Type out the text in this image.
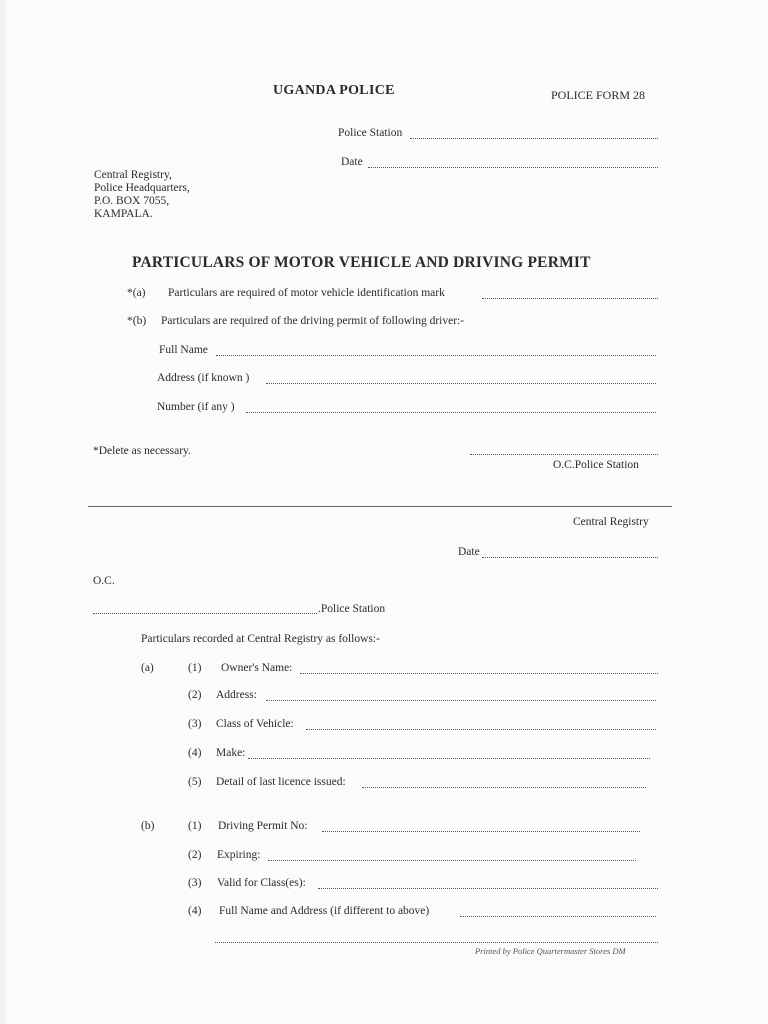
UGANDA POLICE	POLICE FORM 28
Police Station
Date
Central Registry,
Police Headquarters,
P.O. BOX 7055,
KAMPALA.
PARTICULARS OF MOTOR VEHICLE AND DRIVING PERMIT
*(a) Particulars are required of motor vehicle identification mark
*(b) Particulars are required of the driving permit of following driver:-
Full Name
Address (if known )
Number (if any )
*Delete as necessary.
O.C.Police Station
Central Registry
Date
O.C.
.Police Station
Particulars recorded at Central Registry as follows:-
(a)	(1) Owner's Name:
(2) Address:
(3) Class of Vehicle:
(4) Make:
(5) Detail of last licence issued:
(b)	(1) Driving Permit No:
(2) Expiring:
(3) Valid for Class(es):
(4) Full Name and Address (if different to above)
Printed by Police Quartermaster Stores DM
